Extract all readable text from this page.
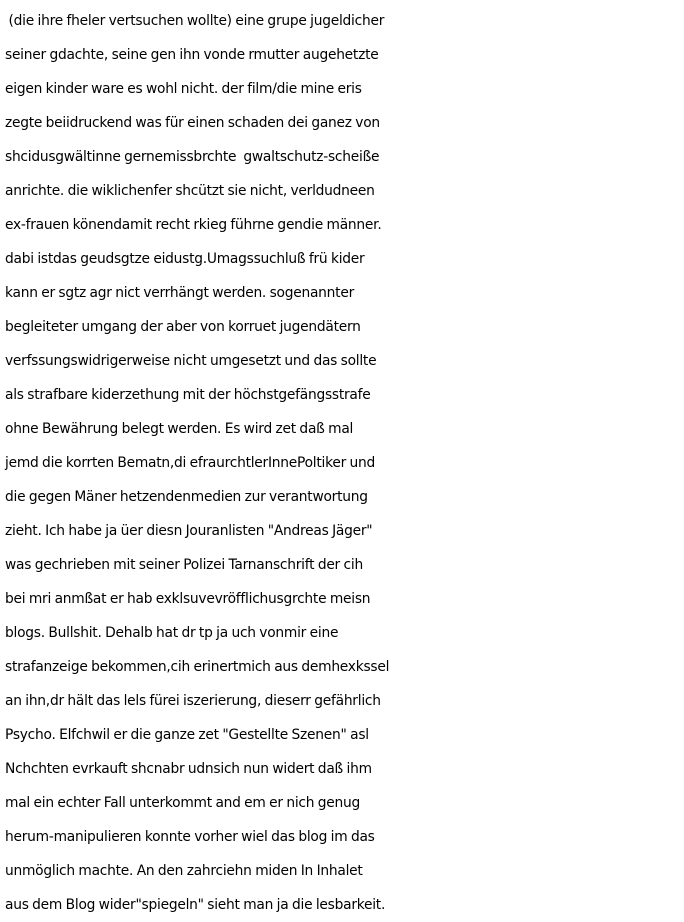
(die ihre fheler vertsuchen wollte) eine grupe jugeldicher
seiner gdachte, seine gen ihn vonde rmutter augehetzte
eigen kinder ware es wohl nicht. der film/die mine eris
zegte beiidruckend was für einen schaden dei ganez von
shcidusgwältinne gernemissbrchte  gwaltschutz-scheiße
anrichte. die wiklichenfer shcützt sie nicht, verldudneen
ex-frauen könendamit recht rkieg führne gendie männer.
dabi istdas geudsgtze eidustg.Umagssuchluß frü kider
kann er sgtz agr nict verrhängt werden. sogenannter
begleiteter umgang der aber von korruet jugendätern
verfssungswidrigerweise nicht umgesetzt und das sollte
als strafbare kiderzethung mit der höchstgefängsstrafe
ohne Bewährung belegt werden. Es wird zet daß mal
jemd die korrten Bematn,di efraurchtlerInnePoltiker und
die gegen Mäner hetzendenmedien zur verantwortung
zieht. Ich habe ja üer diesn Jouranlisten "Andreas Jäger"
was gechrieben mit seiner Polizei Tarnanschrift der cih
bei mri anmßat er hab exklsuvevröfflichusgrchte meisn
blogs. Bullshit. Dehalb hat dr tp ja uch vonmir eine
strafanzeige bekommen,cih erinertmich aus demhexkssel
an ihn,dr hält das lels fürei iszerierung, dieserr gefährlich
Psycho. Elfchwil er die ganze zet "Gestellte Szenen" asl
Nchchten evrkauft shcnabr udnsich nun widert daß ihm
mal ein echter Fall unterkommt and em er nich genug
herum-manipulieren konnte vorher wiel das blog im das
unmöglich machte. An den zahrciehn miden In Inhalet
aus dem Blog wider"spiegeln" sieht man ja die lesbarkeit.
